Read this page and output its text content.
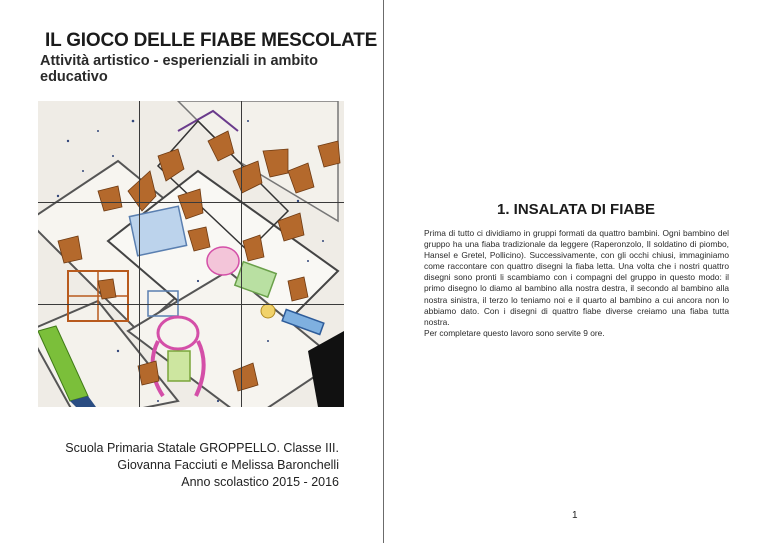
IL GIOCO DELLE FIABE MESCOLATE
Attività artistico - esperienziali in ambito educativo
Scuola Primaria Statale GROPPELLO. Classe III.
Giovanna Facciuti e Melissa Baronchelli
Anno scolastico 2015 - 2016
1. INSALATA DI FIABE

Prima di tutto ci dividiamo in gruppi formati da quattro bambini. Ogni bambino del gruppo ha una fiaba tradizionale da leggere (Raperonzolo, Il soldatino di piombo, Hansel e Gretel, Pollicino). Successivamente, con gli occhi chiusi, immaginiamo come raccontare con quattro disegni la fiaba letta. Una volta che i nostri quattro disegni sono pronti li scambiamo con i compagni del gruppo in questo modo: il primo disegno lo diamo al bambino alla nostra destra, il secondo al bambino alla nostra sinistra, il terzo lo teniamo noi e il quarto al bambino a cui ancora non lo abbiamo dato. Con i disegni di quattro fiabe diverse creiamo una fiaba tutta nostra.

Per completare questo lavoro sono servite 9 ore.

1
